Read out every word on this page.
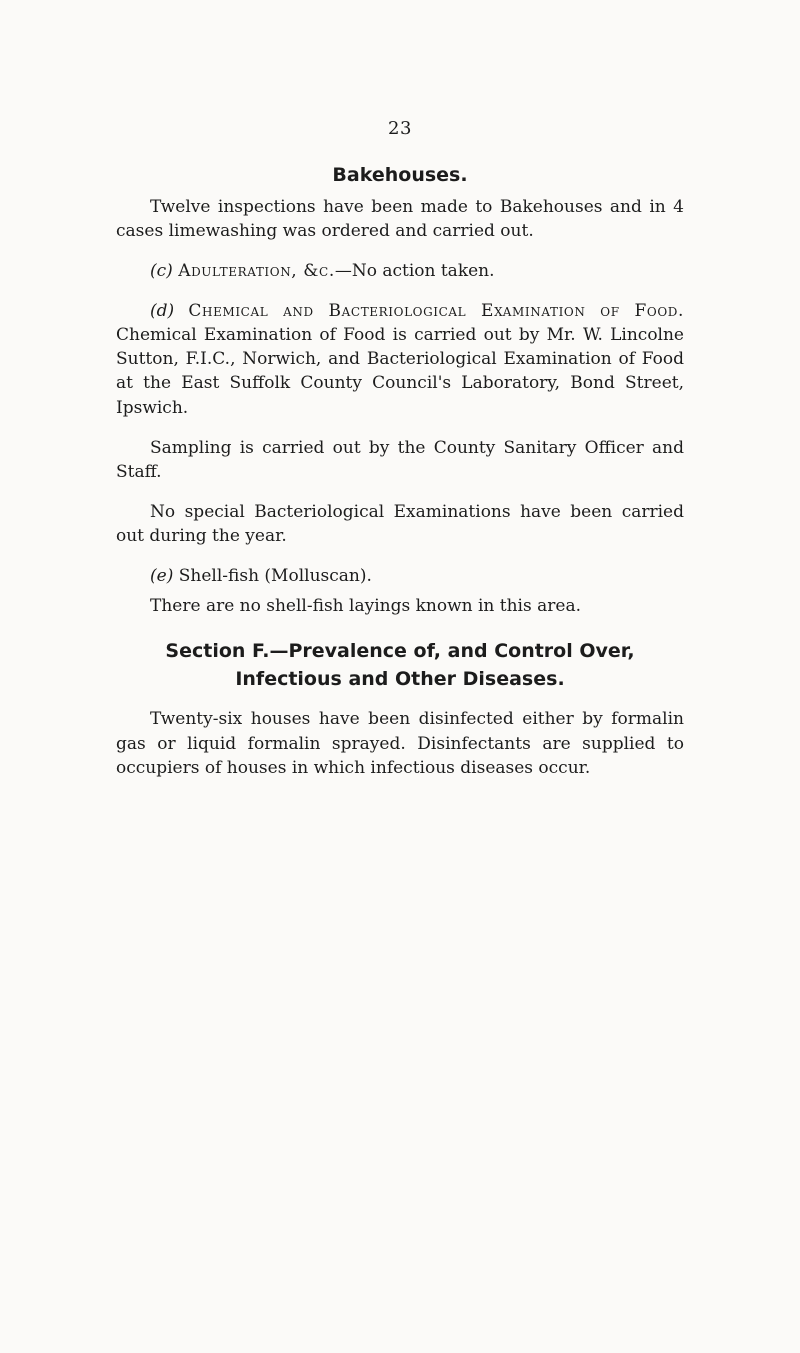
23
Bakehouses.

Twelve inspections have been made to Bakehouses and in 4 cases limewashing was ordered and carried out.

(c) Adulteration, &c.—No action taken.

(d) Chemical and Bacteriological Examination of Food. Chemical Examination of Food is carried out by Mr. W. Lincolne Sutton, F.I.C., Norwich, and Bacteriological Examination of Food at the East Suffolk County Council's Laboratory, Bond Street, Ipswich.

Sampling is carried out by the County Sanitary Officer and Staff.

No special Bacteriological Examinations have been carried out during the year.

(e) Shell-fish (Molluscan).

There are no shell-fish layings known in this area.

Section F.—Prevalence of, and Control Over, Infectious and Other Diseases.

Twenty-six houses have been disinfected either by formalin gas or liquid formalin sprayed. Disinfectants are supplied to occupiers of houses in which infectious diseases occur.
